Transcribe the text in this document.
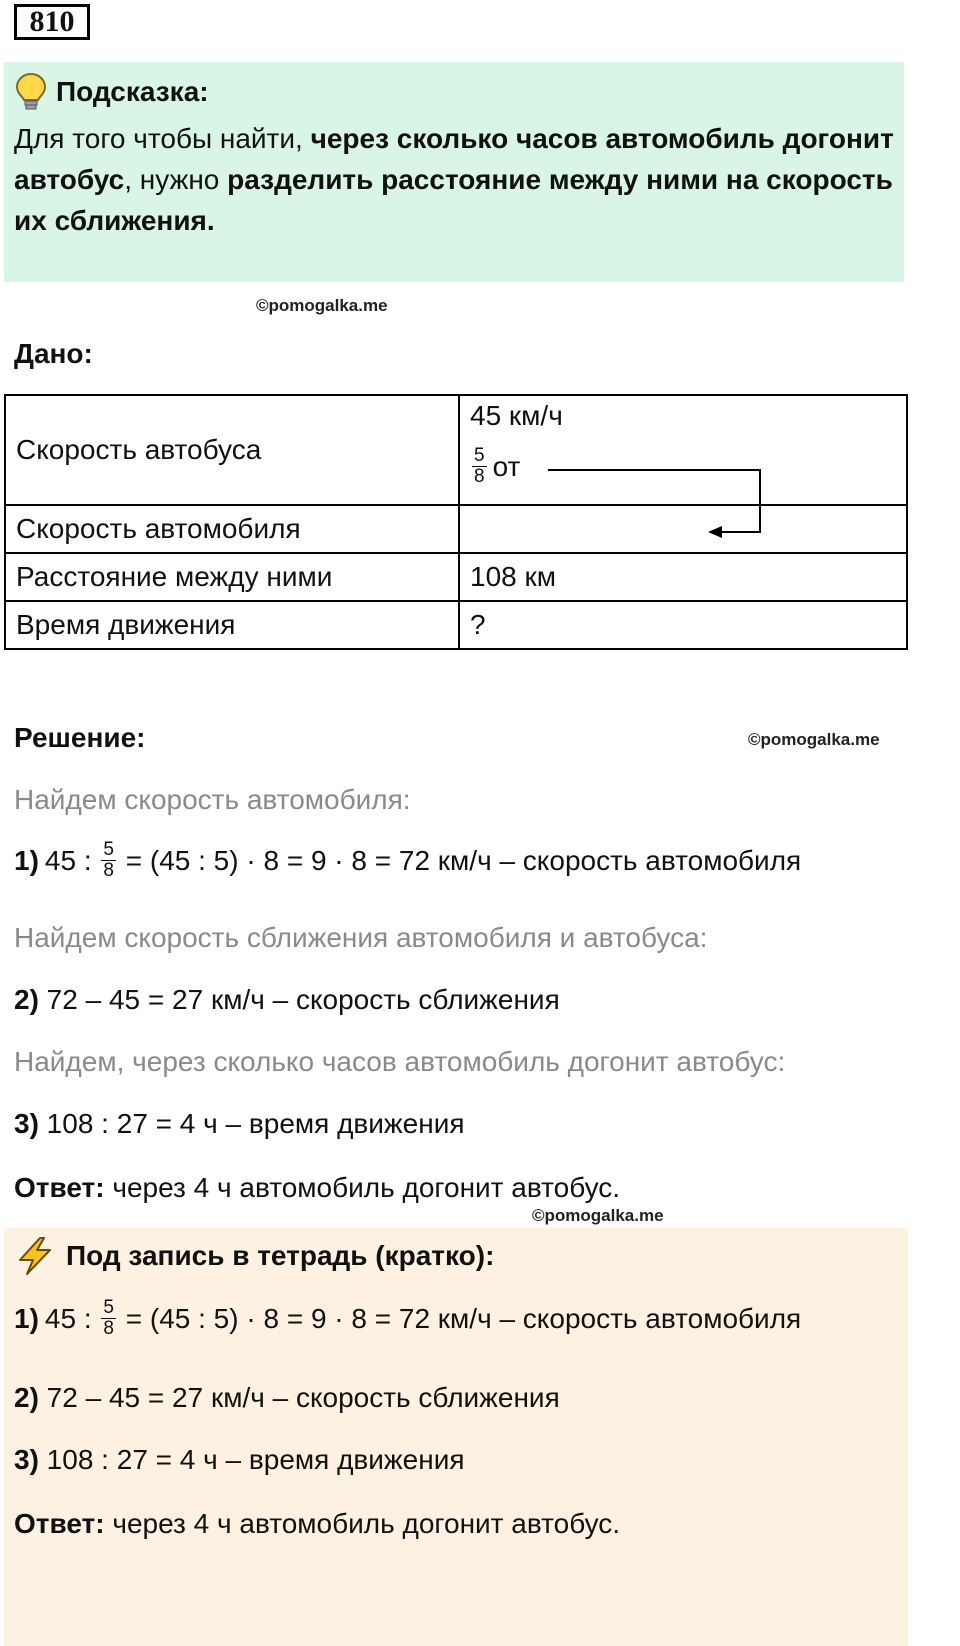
810
Подсказка:
Для того чтобы найти, через сколько часов автомобиль догонит автобус, нужно разделить расстояние между ними на скорость их сближения.
©pomogalka.me
Дано:
Скорость автобуса	45 км/ч
$\frac{5}{8}$ от

Скорость автомобиля	
Расстояние между ними	108 км
Время движения	?
Решение:	©pomogalka.me
Найдем скорость автомобиля:
1) 45 : $\frac{5}{8} = (45$ : 5) · 8 = 9 · 8 = 72 км/ч – скорость автомобиля
Найдем скорость сближения автомобиля и автобуса:
2) 72 – 45 = 27 км/ч – скорость сближения
Найдем, через сколько часов автомобиль догонит автобус:
3) 108 : 27 = 4 ч – время движения
Ответ: через 4 ч автомобиль догонит автобус.
©pomogalka.me
Под запись в тетрадь (кратко):
1) 45 : $\frac{5}{8} = (45$ : 5) · 8 = 9 · 8 = 72 км/ч – скорость автомобиля
2) 72 – 45 = 27 км/ч – скорость сближения
3) 108 : 27 = 4 ч – время движения
Ответ: через 4 ч автомобиль догонит автобус.
